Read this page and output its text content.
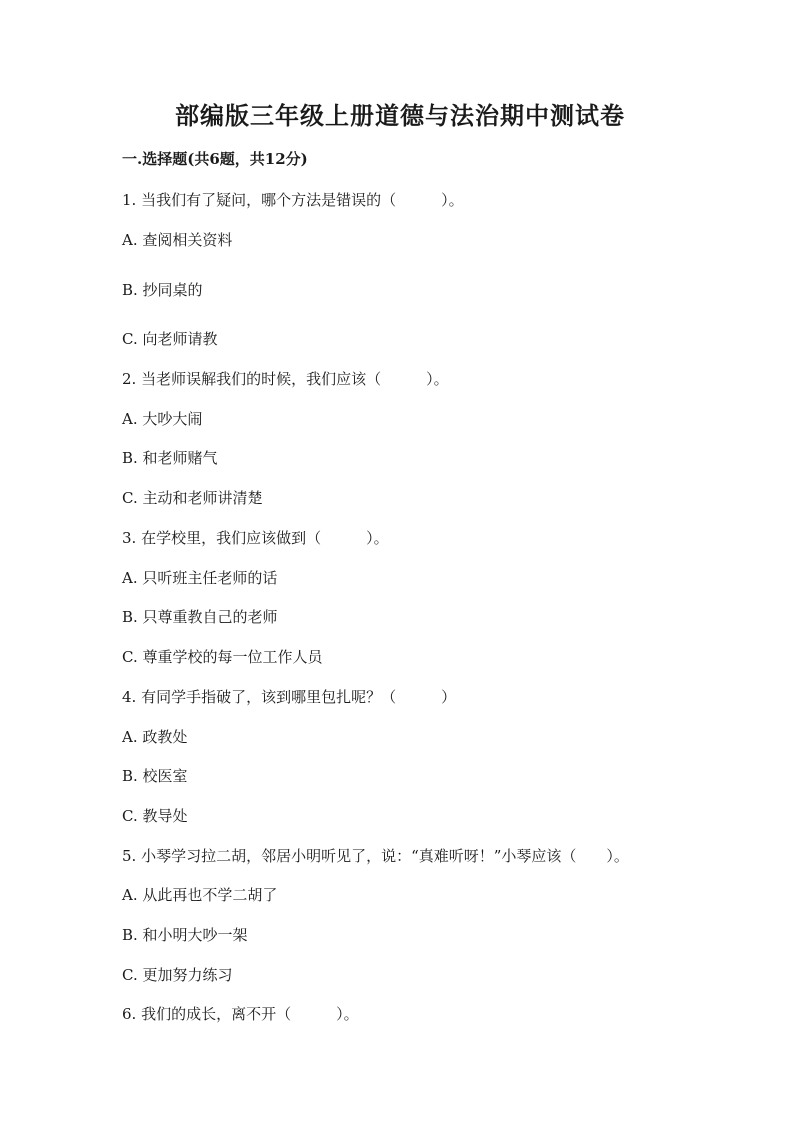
部编版三年级上册道德与法治期中测试卷
一.选择题(共6题，共12分)
1. 当我们有了疑问，哪个方法是错误的（　　　）。
A. 查阅相关资料
B. 抄同桌的
C. 向老师请教
2. 当老师误解我们的时候，我们应该（　　　）。
A. 大吵大闹
B. 和老师赌气
C. 主动和老师讲清楚
3. 在学校里，我们应该做到（　　　）。
A. 只听班主任老师的话
B. 只尊重教自己的老师
C. 尊重学校的每一位工作人员
4. 有同学手指破了，该到哪里包扎呢？（　　　）
A. 政教处
B. 校医室
C. 教导处
5. 小琴学习拉二胡，邻居小明听见了，说：“真难听呀！”小琴应该（　　）。
A. 从此再也不学二胡了
B. 和小明大吵一架
C. 更加努力练习
6. 我们的成长，离不开（　　　）。
